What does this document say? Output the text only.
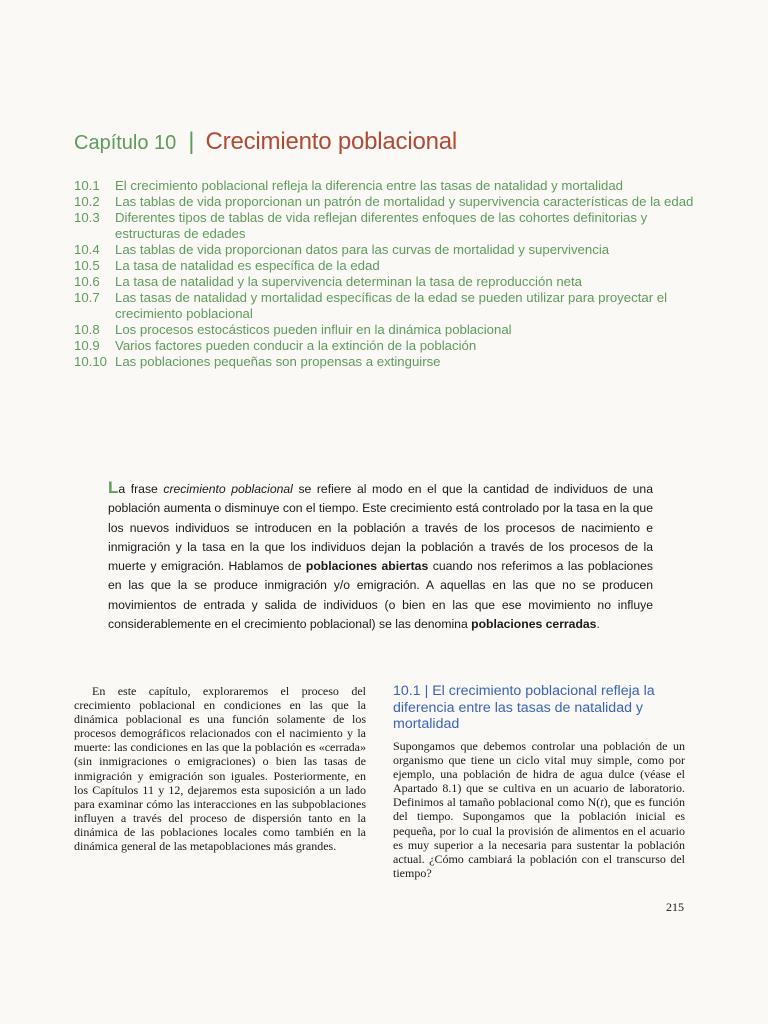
Capítulo 10 | Crecimiento poblacional
10.1	El crecimiento poblacional refleja la diferencia entre las tasas de natalidad y mortalidad
10.2	Las tablas de vida proporcionan un patrón de mortalidad y supervivencia características de la edad
10.3	Diferentes tipos de tablas de vida reflejan diferentes enfoques de las cohortes definitorias y estructuras de edades
10.4	Las tablas de vida proporcionan datos para las curvas de mortalidad y supervivencia
10.5	La tasa de natalidad es específica de la edad
10.6	La tasa de natalidad y la supervivencia determinan la tasa de reproducción neta
10.7	Las tasas de natalidad y mortalidad específicas de la edad se pueden utilizar para proyectar el crecimiento poblacional
10.8	Los procesos estocásticos pueden influir en la dinámica poblacional
10.9	Varios factores pueden conducir a la extinción de la población
10.10 Las poblaciones pequeñas son propensas a extinguirse
La frase crecimiento poblacional se refiere al modo en el que la cantidad de individuos de una población aumenta o disminuye con el tiempo. Este crecimiento está controlado por la tasa en la que los nuevos individuos se introducen en la población a través de los procesos de nacimiento e inmigración y la tasa en la que los individuos dejan la población a través de los procesos de la muerte y emigración. Hablamos de poblaciones abiertas cuando nos referimos a las poblaciones en las que la se produce inmigración y/o emigración. A aquellas en las que no se producen movimientos de entrada y salida de individuos (o bien en las que ese movimiento no influye considerablemente en el crecimiento poblacional) se las denomina poblaciones cerradas.

En este capítulo, exploraremos el proceso del crecimiento poblacional en condiciones en las que la dinámica poblacional es una función solamente de los procesos demográficos relacionados con el nacimiento y la muerte: las condiciones en las que la población es «cerrada» (sin inmigraciones o emigraciones) o bien las tasas de inmigración y emigración son iguales. Posteriormente, en los Capítulos 11 y 12, dejaremos esta suposición a un lado para examinar cómo las interacciones en las subpoblaciones influyen a través del proceso de dispersión tanto en la dinámica de las poblaciones locales como también en la dinámica general de las metapoblaciones más grandes.

10.1 | El crecimiento poblacional refleja la diferencia entre las tasas de natalidad y mortalidad

Supongamos que debemos controlar una población de un organismo que tiene un ciclo vital muy simple, como por ejemplo, una población de hidra de agua dulce (véase el Apartado 8.1) que se cultiva en un acuario de laboratorio. Definimos al tamaño poblacional como N(t), que es función del tiempo. Supongamos que la población inicial es pequeña, por lo cual la provisión de alimentos en el acuario es muy superior a la necesaria para sustentar la población actual. ¿Cómo cambiará la población con el transcurso del tiempo?

215
